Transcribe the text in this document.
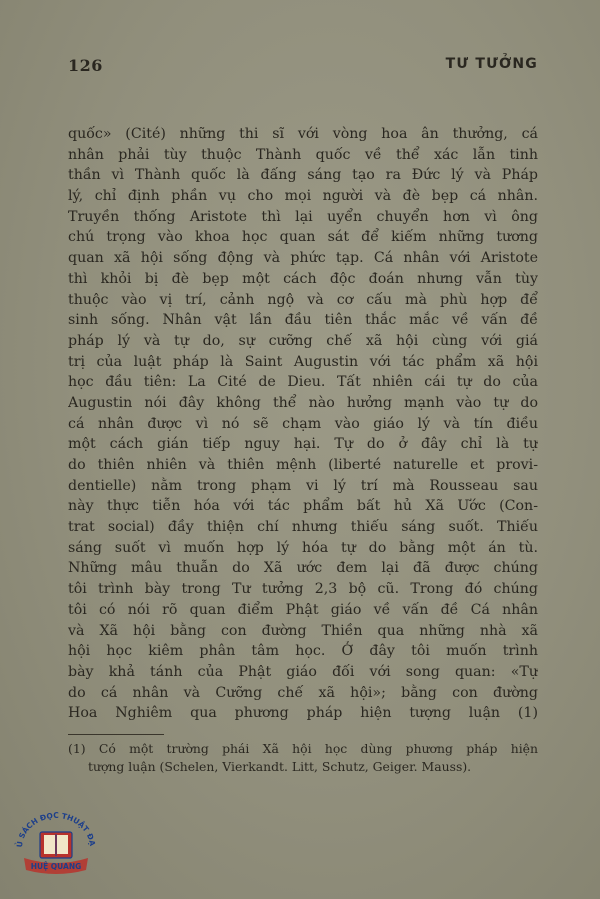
126	TƯ TƯỞNG
quốc» (Cité) những thi sĩ với vòng hoa ân thưởng, cá
nhân phải tùy thuộc Thành quốc về thể xác lẫn tinh
thần vì Thành quốc là đấng sáng tạo ra Đức lý và Pháp
lý, chỉ định phần vụ cho mọi người và đè bẹp cá nhân.
Truyền thống Aristote thì lại uyển chuyển hơn vì ông
chú trọng vào khoa học quan sát để kiếm những tương
quan xã hội sống động và phức tạp. Cá nhân với Aristote
thì khỏi bị đè bẹp một cách độc đoán nhưng vẫn tùy
thuộc vào vị trí, cảnh ngộ và cơ cấu mà phù hợp để
sinh sống. Nhân vật lần đầu tiên thắc mắc về vấn đề
pháp lý và tự do, sự cưỡng chế xã hội cùng với giá
trị của luật pháp là Saint Augustin với tác phẩm xã hội
học đầu tiên: La Cité de Dieu. Tất nhiên cái tự do của
Augustin nói đây không thể nào hưởng mạnh vào tự do
cá nhân được vì nó sẽ chạm vào giáo lý và tín điều
một cách gián tiếp nguy hại. Tự do ở đây chỉ là tự
do thiên nhiên và thiên mệnh (liberté naturelle et provi-
dentielle) nằm trong phạm vi lý trí mà Rousseau sau
này thực tiễn hóa với tác phẩm bất hủ Xã Ước (Con-
trat social) đầy thiện chí nhưng thiếu sáng suốt. Thiếu
sáng suốt vì muốn hợp lý hóa tự do bằng một án tù.
Những mâu thuẫn do Xã ước đem lại đã được chúng
tôi trình bày trong Tư tưởng 2,3 bộ cũ. Trong đó chúng
tôi có nói rõ quan điểm Phật giáo về vấn đề Cá nhân
và Xã hội bằng con đường Thiền qua những nhà xã
hội học kiêm phân tâm học. Ở đây tôi muốn trình
bày khả tánh của Phật giáo đối với song quan: «Tự
do cá nhân và Cưỡng chế xã hội»; bằng con đường
Hoa Nghiêm qua phương pháp hiện tượng luận (1)
(1) Có một trường phái Xã hội học dùng phương pháp hiện
tượng luận (Schelen, Vierkandt. Litt, Schutz, Geiger. Mauss).
Ủ SÁCH ĐỌC THUẬT ĐẠ
HUỆ QUANG
